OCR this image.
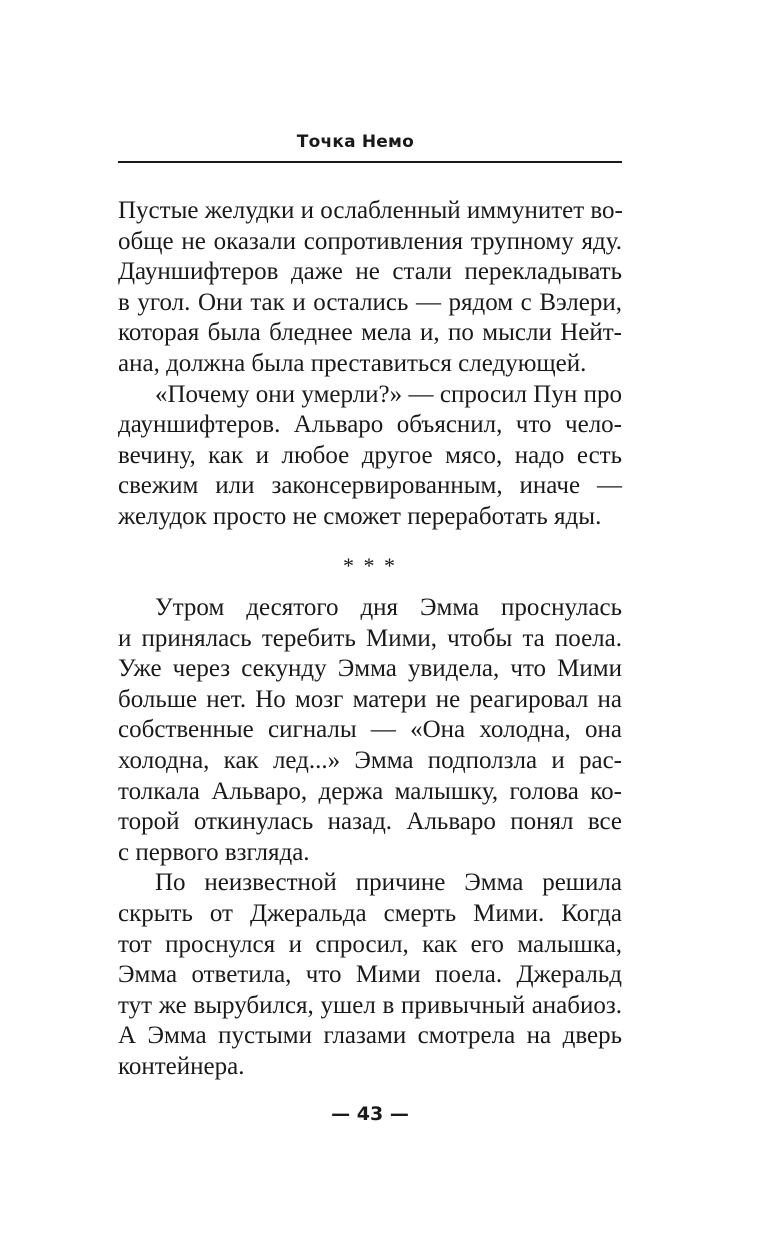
Точка Немо
Пустые желудки и ослабленный иммунитет во-
обще не оказали сопротивления трупному яду.
Дауншифтеров даже не стали перекладывать
в угол. Они так и остались — рядом с Вэлери,
которая была бледнее мела и, по мысли Нейт-
ана, должна была преставиться следующей.
«Почему они умерли?» — спросил Пун про
дауншифтеров. Альваро объяснил, что чело-
вечину, как и любое другое мясо, надо есть
свежим или законсервированным, иначе —
желудок просто не сможет переработать яды.
* * *
Утром десятого дня Эмма проснулась
и принялась теребить Мими, чтобы та поела.
Уже через секунду Эмма увидела, что Мими
больше нет. Но мозг матери не реагировал на
собственные сигналы — «Она холодна, она
холодна, как лед...» Эмма подползла и рас-
толкала Альваро, держа малышку, голова ко-
торой откинулась назад. Альваро понял все
с первого взгляда.
По неизвестной причине Эмма решила
скрыть от Джеральда смерть Мими. Когда
тот проснулся и спросил, как его малышка,
Эмма ответила, что Мими поела. Джеральд
тут же вырубился, ушел в привычный анабиоз.
А Эмма пустыми глазами смотрела на дверь
контейнера.
— 43 —
